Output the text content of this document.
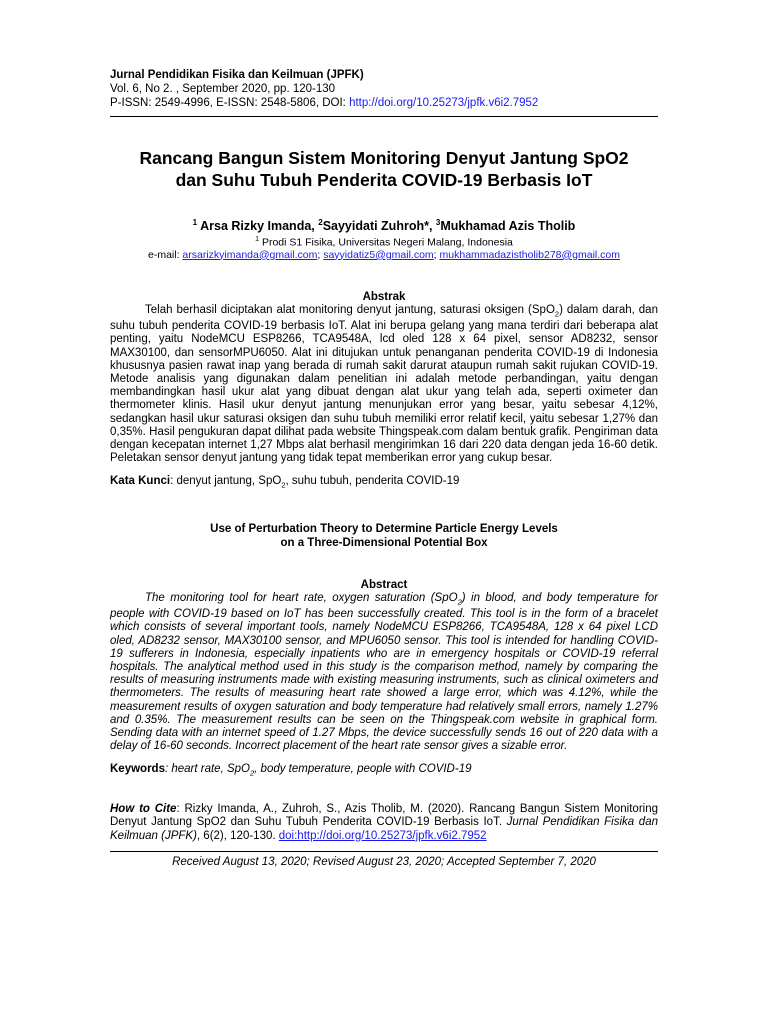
Jurnal Pendidikan Fisika dan Keilmuan (JPFK)
Vol. 6, No 2. , September 2020, pp. 120-130
P-ISSN: 2549-4996, E-ISSN: 2548-5806, DOI: http://doi.org/10.25273/jpfk.v6i2.7952
Rancang Bangun Sistem Monitoring Denyut Jantung SpO2
dan Suhu Tubuh Penderita COVID-19 Berbasis IoT
$^1$ Arsa Rizky Imanda, $^2$Sayyidati Zuhroh*, $^3$Mukhamad Azis Tholib
$^1$ Prodi S1 Fisika, Universitas Negeri Malang, Indonesia
e-mail: arsarizkyimanda@gmail.com; sayyidatiz5@gmail.com; mukhammadazistholib278@gmail.com
Abstrak
Telah berhasil diciptakan alat monitoring denyut jantung, saturasi oksigen (SpO$_2$) dalam darah, dan suhu tubuh penderita COVID-19 berbasis IoT. Alat ini berupa gelang yang mana terdiri dari beberapa alat penting, yaitu NodeMCU ESP8266, TCA9548A, lcd oled 128 x 64 pixel, sensor AD8232, sensor MAX30100, dan sensorMPU6050. Alat ini ditujukan untuk penanganan penderita COVID-19 di Indonesia khususnya pasien rawat inap yang berada di rumah sakit darurat ataupun rumah sakit rujukan COVID-19. Metode analisis yang digunakan dalam penelitian ini adalah metode perbandingan, yaitu dengan membandingkan hasil ukur alat yang dibuat dengan alat ukur yang telah ada, seperti oximeter dan thermometer klinis. Hasil ukur denyut jantung menunjukan error yang besar, yaitu sebesar 4,12%, sedangkan hasil ukur saturasi oksigen dan suhu tubuh memiliki error relatif kecil, yaitu sebesar 1,27% dan 0,35%. Hasil pengukuran dapat dilihat pada website Thingspeak.com dalam bentuk grafik. Pengiriman data dengan kecepatan internet 1,27 Mbps alat berhasil mengirimkan 16 dari 220 data dengan jeda 16-60 detik. Peletakan sensor denyut jantung yang tidak tepat memberikan error yang cukup besar.
Kata Kunci: denyut jantung, SpO$_2$, suhu tubuh, penderita COVID-19
Use of Perturbation Theory to Determine Particle Energy Levels
on a Three-Dimensional Potential Box
Abstract
The monitoring tool for heart rate, oxygen saturation (SpO$_2$) in blood, and body temperature for people with COVID-19 based on IoT has been successfully created. This tool is in the form of a bracelet which consists of several important tools, namely NodeMCU ESP8266, TCA9548A, 128 x 64 pixel LCD oled, AD8232 sensor, MAX30100 sensor, and MPU6050 sensor. This tool is intended for handling COVID-19 sufferers in Indonesia, especially inpatients who are in emergency hospitals or COVID-19 referral hospitals. The analytical method used in this study is the comparison method, namely by comparing the results of measuring instruments made with existing measuring instruments, such as clinical oximeters and thermometers. The results of measuring heart rate showed a large error, which was 4.12%, while the measurement results of oxygen saturation and body temperature had relatively small errors, namely 1.27% and 0.35%. The measurement results can be seen on the Thingspeak.com website in graphical form. Sending data with an internet speed of 1.27 Mbps, the device successfully sends 16 out of 220 data with a delay of 16-60 seconds. Incorrect placement of the heart rate sensor gives a sizable error.
Keywords: heart rate, SpO$_2$, body temperature, people with COVID-19
How to Cite: Rizky Imanda, A., Zuhroh, S., Azis Tholib, M. (2020). Rancang Bangun Sistem Monitoring Denyut Jantung SpO2 dan Suhu Tubuh Penderita COVID-19 Berbasis IoT. Jurnal Pendidikan Fisika dan Keilmuan (JPFK), 6(2), 120-130. doi:http://doi.org/10.25273/jpfk.v6i2.7952
Received August 13, 2020; Revised August 23, 2020; Accepted September 7, 2020
